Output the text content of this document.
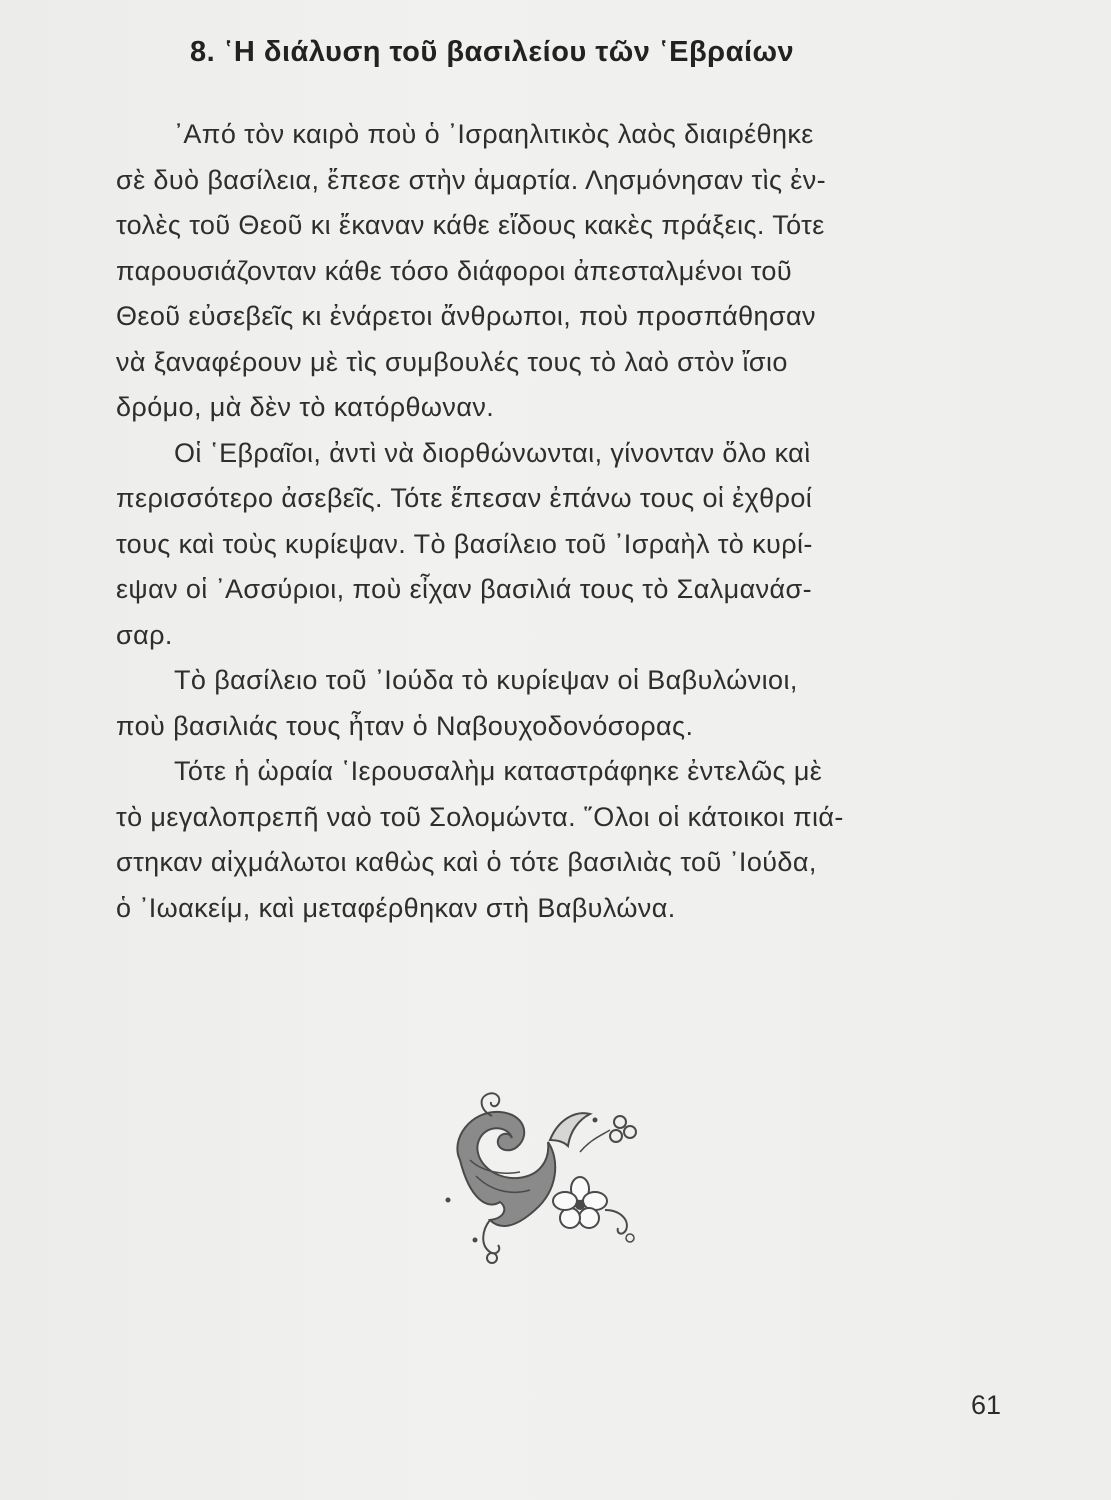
8. ῾Η διάλυση τοῦ βασιλείου τῶν ῾Εβραίων
᾿Από τὸν καιρὸ ποὺ ὁ ᾿Ισραηλιτικὸς λαὸς διαιρέθηκε
σὲ δυὸ βασίλεια, ἔπεσε στὴν ἁμαρτία. Λησμόνησαν τὶς ἐν-
τολὲς τοῦ Θεοῦ κι ἔκαναν κάθε εἴδους κακὲς πράξεις. Τότε
παρουσιάζονταν κάθε τόσο διάφοροι ἀπεσταλμένοι τοῦ
Θεοῦ εὐσεβεῖς κι ἐνάρετοι ἄνθρωποι, ποὺ προσπάθησαν
νὰ ξαναφέρουν μὲ τὶς συμβουλές τους τὸ λαὸ στὸν ἴσιο
δρόμο, μὰ δὲν τὸ κατόρθωναν.
Οἱ ῾Εβραῖοι, ἀντὶ νὰ διορθώνωνται, γίνονταν ὅλο καὶ
περισσότερο ἀσεβεῖς. Τότε ἔπεσαν ἐπάνω τους οἱ ἐχθροί
τους καὶ τοὺς κυρίεψαν. Τὸ βασίλειο τοῦ ᾿Ισραὴλ τὸ κυρί-
εψαν οἱ ᾿Ασσύριοι, ποὺ εἶχαν βασιλιά τους τὸ Σαλμανάσ-
σαρ.
Τὸ βασίλειο τοῦ ᾿Ιούδα τὸ κυρίεψαν οἱ Βαβυλώνιοι,
ποὺ βασιλιάς τους ἦταν ὁ Ναβουχοδονόσορας.
Τότε ἡ ὡραία ῾Ιερουσαλὴμ καταστράφηκε ἐντελῶς μὲ
τὸ μεγαλοπρεπῆ ναὸ τοῦ Σολομώντα. ῞Ολοι οἱ κάτοικοι πιά-
στηκαν αἰχμάλωτοι καθὼς καὶ ὁ τότε βασιλιὰς τοῦ ᾿Ιούδα,
ὁ ᾿Ιωακείμ, καὶ μεταφέρθηκαν στὴ Βαβυλώνα.
61
